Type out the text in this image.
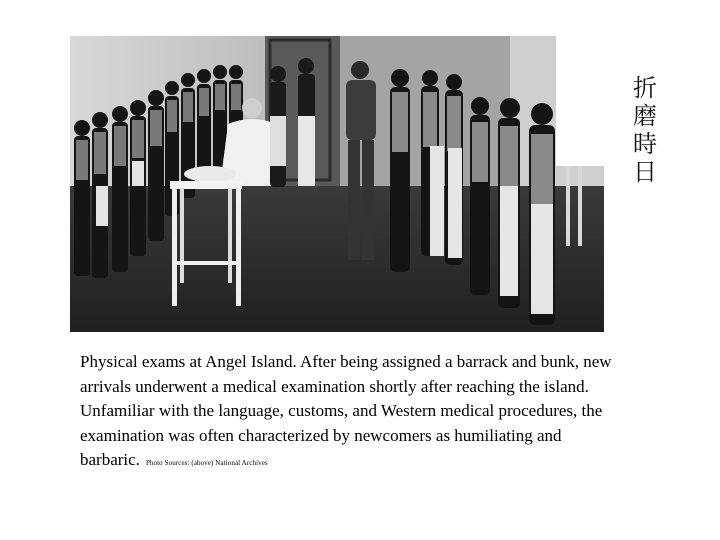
折
磨
時
日
Physical exams at Angel Island. After being assigned a barrack and bunk, new arrivals underwent a medical examination shortly after reaching the island. Unfamiliar with the language, customs, and Western medical procedures, the examination was often characterized by newcomers as humiliating and barbaric. Photo Sources: (above) National Archives
